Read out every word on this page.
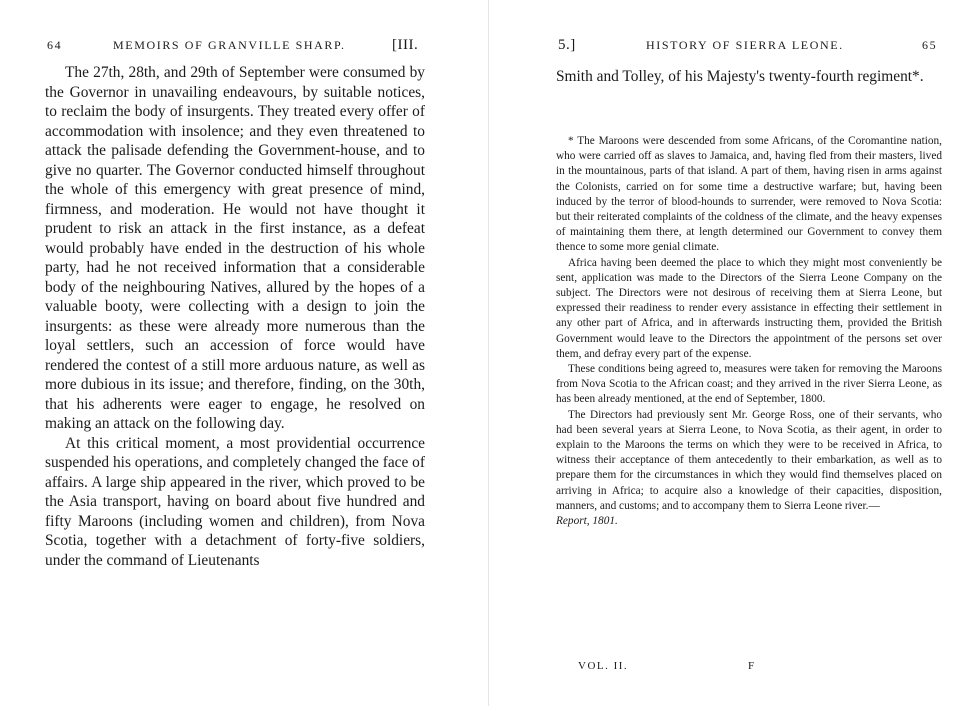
64	MEMOIRS OF GRANVILLE SHARP.	[III.

The 27th, 28th, and 29th of September were consumed by the Governor in unavailing endeavours, by suitable notices, to reclaim the body of insurgents. They treated every offer of accommodation with insolence; and they even threatened to attack the palisade defending the Government-house, and to give no quarter. The Governor conducted himself throughout the whole of this emergency with great presence of mind, firmness, and moderation. He would not have thought it prudent to risk an attack in the first instance, as a defeat would probably have ended in the destruction of his whole party, had he not received information that a considerable body of the neighbouring Natives, allured by the hopes of a valuable booty, were collecting with a design to join the insurgents: as these were already more numerous than the loyal settlers, such an accession of force would have rendered the contest of a still more arduous nature, as well as more dubious in its issue; and therefore, finding, on the 30th, that his adherents were eager to engage, he resolved on making an attack on the following day.

At this critical moment, a most providential occurrence suspended his operations, and completely changed the face of affairs. A large ship appeared in the river, which proved to be the Asia transport, having on board about five hundred and fifty Maroons (including women and children), from Nova Scotia, together with a detachment of forty-five soldiers, under the command of Lieutenants

5.]	HISTORY OF SIERRA LEONE.	65

Smith and Tolley, of his Majesty's twenty-fourth regiment*.

* The Maroons were descended from some Africans, of the Coromantine nation, who were carried off as slaves to Jamaica, and, having fled from their masters, lived in the mountainous, parts of that island. A part of them, having risen in arms against the Colonists, carried on for some time a destructive warfare; but, having been induced by the terror of blood-hounds to surrender, were removed to Nova Scotia: but their reiterated complaints of the coldness of the climate, and the heavy expenses of maintaining them there, at length determined our Government to convey them thence to some more genial climate.

Africa having been deemed the place to which they might most conveniently be sent, application was made to the Directors of the Sierra Leone Company on the subject. The Directors were not desirous of receiving them at Sierra Leone, but expressed their readiness to render every assistance in effecting their settlement in any other part of Africa, and in afterwards instructing them, provided the British Government would leave to the Directors the appointment of the persons set over them, and defray every part of the expense.

These conditions being agreed to, measures were taken for removing the Maroons from Nova Scotia to the African coast; and they arrived in the river Sierra Leone, as has been already mentioned, at the end of September, 1800.

The Directors had previously sent Mr. George Ross, one of their servants, who had been several years at Sierra Leone, to Nova Scotia, as their agent, in order to explain to the Maroons the terms on which they were to be received in Africa, to witness their acceptance of them antecedently to their embarkation, as well as to prepare them for the circumstances in which they would find themselves placed on arriving in Africa; to acquire also a knowledge of their capacities, disposition, manners, and customs; and to accompany them to Sierra Leone river.—

Report, 1801.

VOL. II.	F
